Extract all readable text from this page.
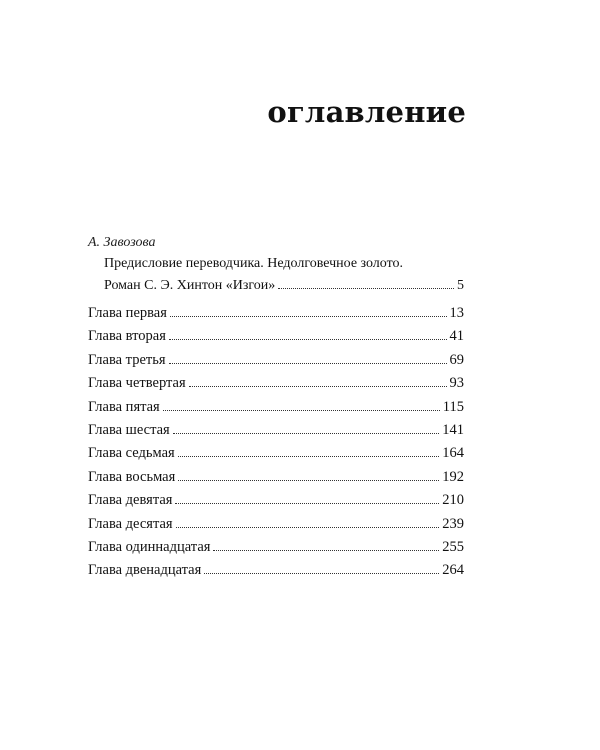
оглавление
А. Завозова
Предисловие переводчика. Недолговечное золото.
Роман С. Э. Хинтон «Изгои»	5
Глава первая	13
Глава вторая	41
Глава третья	69
Глава четвертая	93
Глава пятая	115
Глава шестая	141
Глава седьмая	164
Глава восьмая	192
Глава девятая	210
Глава десятая	239
Глава одиннадцатая	255
Глава двенадцатая	264
